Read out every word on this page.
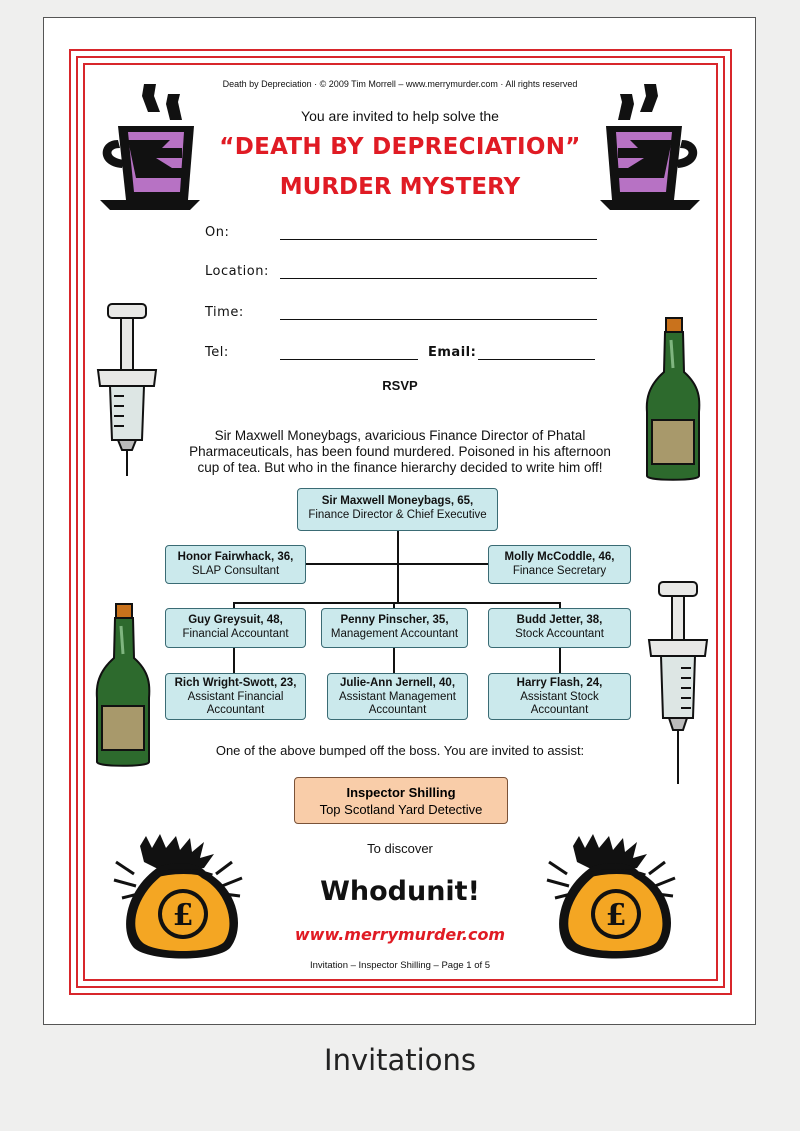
Death by Depreciation · © 2009 Tim Morrell – www.merrymurder.com · All rights reserved
You are invited to help solve the
“DEATH BY DEPRECIATION”
MURDER MYSTERY
On:
Location:
Time:
Tel:	Email:
RSVP
Sir Maxwell Moneybags, avaricious Finance Director of Phatal
Pharmaceuticals, has been found murdered. Poisoned in his afternoon
cup of tea. But who in the finance hierarchy decided to write him off!
Sir Maxwell Moneybags, 65,
Finance Director & Chief Executive
Honor Fairwhack, 36,
SLAP Consultant
Molly McCoddle, 46,
Finance Secretary
Guy Greysuit, 48,
Financial Accountant
Penny Pinscher, 35,
Management Accountant
Budd Jetter, 38,
Stock Accountant
Rich Wright-Swott, 23,
Assistant Financial
Accountant
Julie-Ann Jernell, 40,
Assistant Management
Accountant
Harry Flash, 24,
Assistant Stock
Accountant
One of the above bumped off the boss. You are invited to assist:
Inspector Shilling
Top Scotland Yard Detective
To discover
Whodunit!
www.merrymurder.com
Invitation – Inspector Shilling – Page 1 of 5
£	£
Invitations
